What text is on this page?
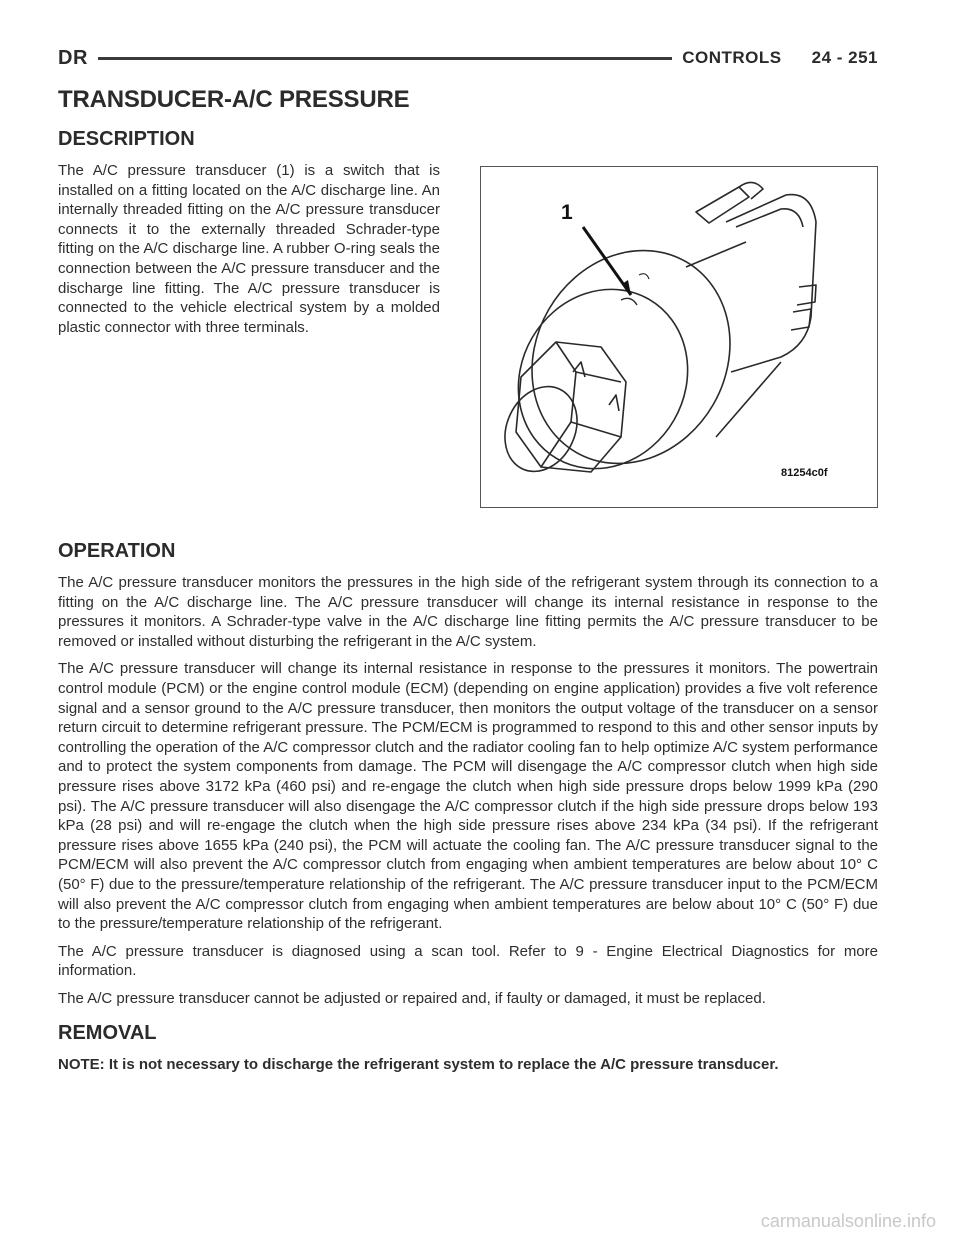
DR	CONTROLS 24 - 251
TRANSDUCER-A/C PRESSURE
DESCRIPTION

The A/C pressure transducer (1) is a switch that is installed on a fitting located on the A/C discharge line. An internally threaded fitting on the A/C pressure transducer connects it to the externally threaded Schrader-type fitting on the A/C discharge line. A rubber O-ring seals the connection between the A/C pressure transducer and the discharge line fitting. The A/C pressure transducer is connected to the vehicle electrical system by a molded plastic connector with three terminals.

1
81254c0f
OPERATION

The A/C pressure transducer monitors the pressures in the high side of the refrigerant system through its connection to a fitting on the A/C discharge line. The A/C pressure transducer will change its internal resistance in response to the pressures it monitors. A Schrader-type valve in the A/C discharge line fitting permits the A/C pressure transducer to be removed or installed without disturbing the refrigerant in the A/C system.

The A/C pressure transducer will change its internal resistance in response to the pressures it monitors. The powertrain control module (PCM) or the engine control module (ECM) (depending on engine application) provides a five volt reference signal and a sensor ground to the A/C pressure transducer, then monitors the output voltage of the transducer on a sensor return circuit to determine refrigerant pressure. The PCM/ECM is programmed to respond to this and other sensor inputs by controlling the operation of the A/C compressor clutch and the radiator cooling fan to help optimize A/C system performance and to protect the system components from damage. The PCM will disengage the A/C compressor clutch when high side pressure rises above 3172 kPa (460 psi) and re-engage the clutch when high side pressure drops below 1999 kPa (290 psi). The A/C pressure transducer will also disengage the A/C compressor clutch if the high side pressure drops below 193 kPa (28 psi) and will re-engage the clutch when the high side pressure rises above 234 kPa (34 psi). If the refrigerant pressure rises above 1655 kPa (240 psi), the PCM will actuate the cooling fan. The A/C pressure transducer signal to the PCM/ECM will also prevent the A/C compressor clutch from engaging when ambient temperatures are below about 10° C (50° F) due to the pressure/temperature relationship of the refrigerant. The A/C pressure transducer input to the PCM/ECM will also prevent the A/C compressor clutch from engaging when ambient temperatures are below about 10° C (50° F) due to the pressure/temperature relationship of the refrigerant.

The A/C pressure transducer is diagnosed using a scan tool. Refer to 9 - Engine Electrical Diagnostics for more information.

The A/C pressure transducer cannot be adjusted or repaired and, if faulty or damaged, it must be replaced.

REMOVAL

NOTE: It is not necessary to discharge the refrigerant system to replace the A/C pressure transducer.

carmanualsonline.info
